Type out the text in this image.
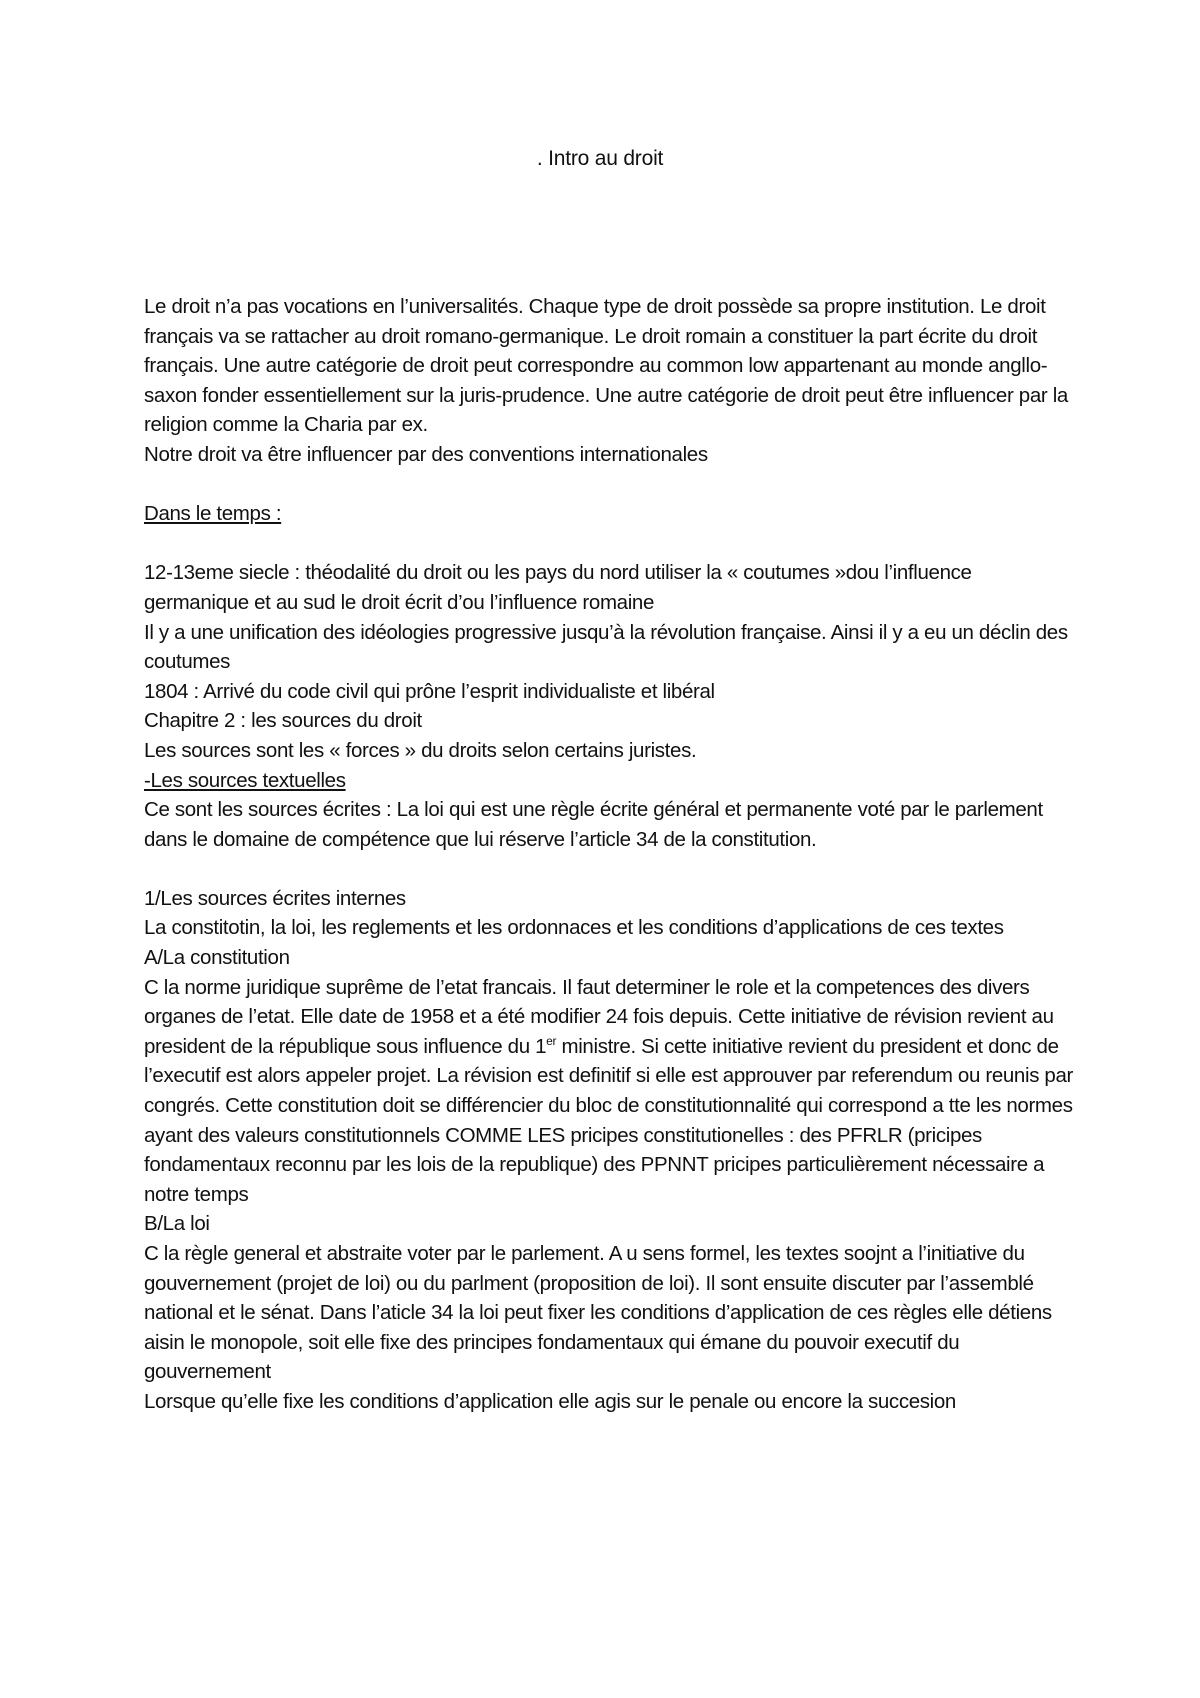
. Intro au droit

Le droit n’a pas vocations en l’universalités. Chaque type de droit possède sa propre institution. Le droit français va se rattacher au droit romano-germanique. Le droit romain a constituer la part écrite du droit français. Une autre catégorie de droit peut correspondre au common low appartenant au monde angllo-saxon fonder essentiellement sur la juris-prudence. Une autre catégorie de droit peut être influencer par la religion comme la Charia par ex.

Notre droit va être influencer par des conventions internationales

Dans le temps :

12-13eme siecle : théodalité du droit ou les pays du nord utiliser la « coutumes »dou l’influence germanique et au sud le droit écrit d’ou l’influence romaine

Il y a une unification des idéologies progressive jusqu’à la révolution française. Ainsi il y a eu un déclin des coutumes

1804 : Arrivé du code civil qui prône l’esprit individualiste et libéral

Chapitre 2 : les sources du droit

Les sources sont les « forces » du droits selon certains juristes.

-Les sources textuelles

Ce sont les sources écrites : La loi qui est une règle écrite général et permanente voté par le parlement dans le domaine de compétence que lui réserve l’article 34 de la constitution.

1/Les sources écrites internes

La constitotin, la loi, les reglements et les ordonnaces et les conditions d’applications de ces textes

A/La constitution

C la norme juridique suprême de l’etat francais. Il faut determiner le role et la competences des divers organes de l’etat. Elle date de 1958 et a été modifier 24 fois depuis. Cette initiative de révision revient au president de la république sous influence du 1er ministre. Si cette initiative revient du president et donc de l’executif est alors appeler projet. La révision est definitif si elle est approuver par referendum ou reunis par congrés. Cette constitution doit se différencier du bloc de constitutionnalité qui correspond a tte les normes ayant des valeurs constitutionnels COMME LES pricipes constitutionelles : des PFRLR (pricipes fondamentaux reconnu par les lois de la republique) des PPNNT pricipes particulièrement nécessaire a notre temps

B/La loi

C la règle general et abstraite voter par le parlement. A u sens formel, les textes soojnt a l’initiative du gouvernement (projet de loi) ou du parlment (proposition de loi). Il sont ensuite discuter par l’assemblé national et le sénat. Dans l’aticle 34 la loi peut fixer les conditions d’application de ces règles elle détiens aisin le monopole, soit elle fixe des principes fondamentaux qui émane du pouvoir executif du gouvernement

Lorsque qu’elle fixe les conditions d’application elle agis sur le penale ou encore la succesion
